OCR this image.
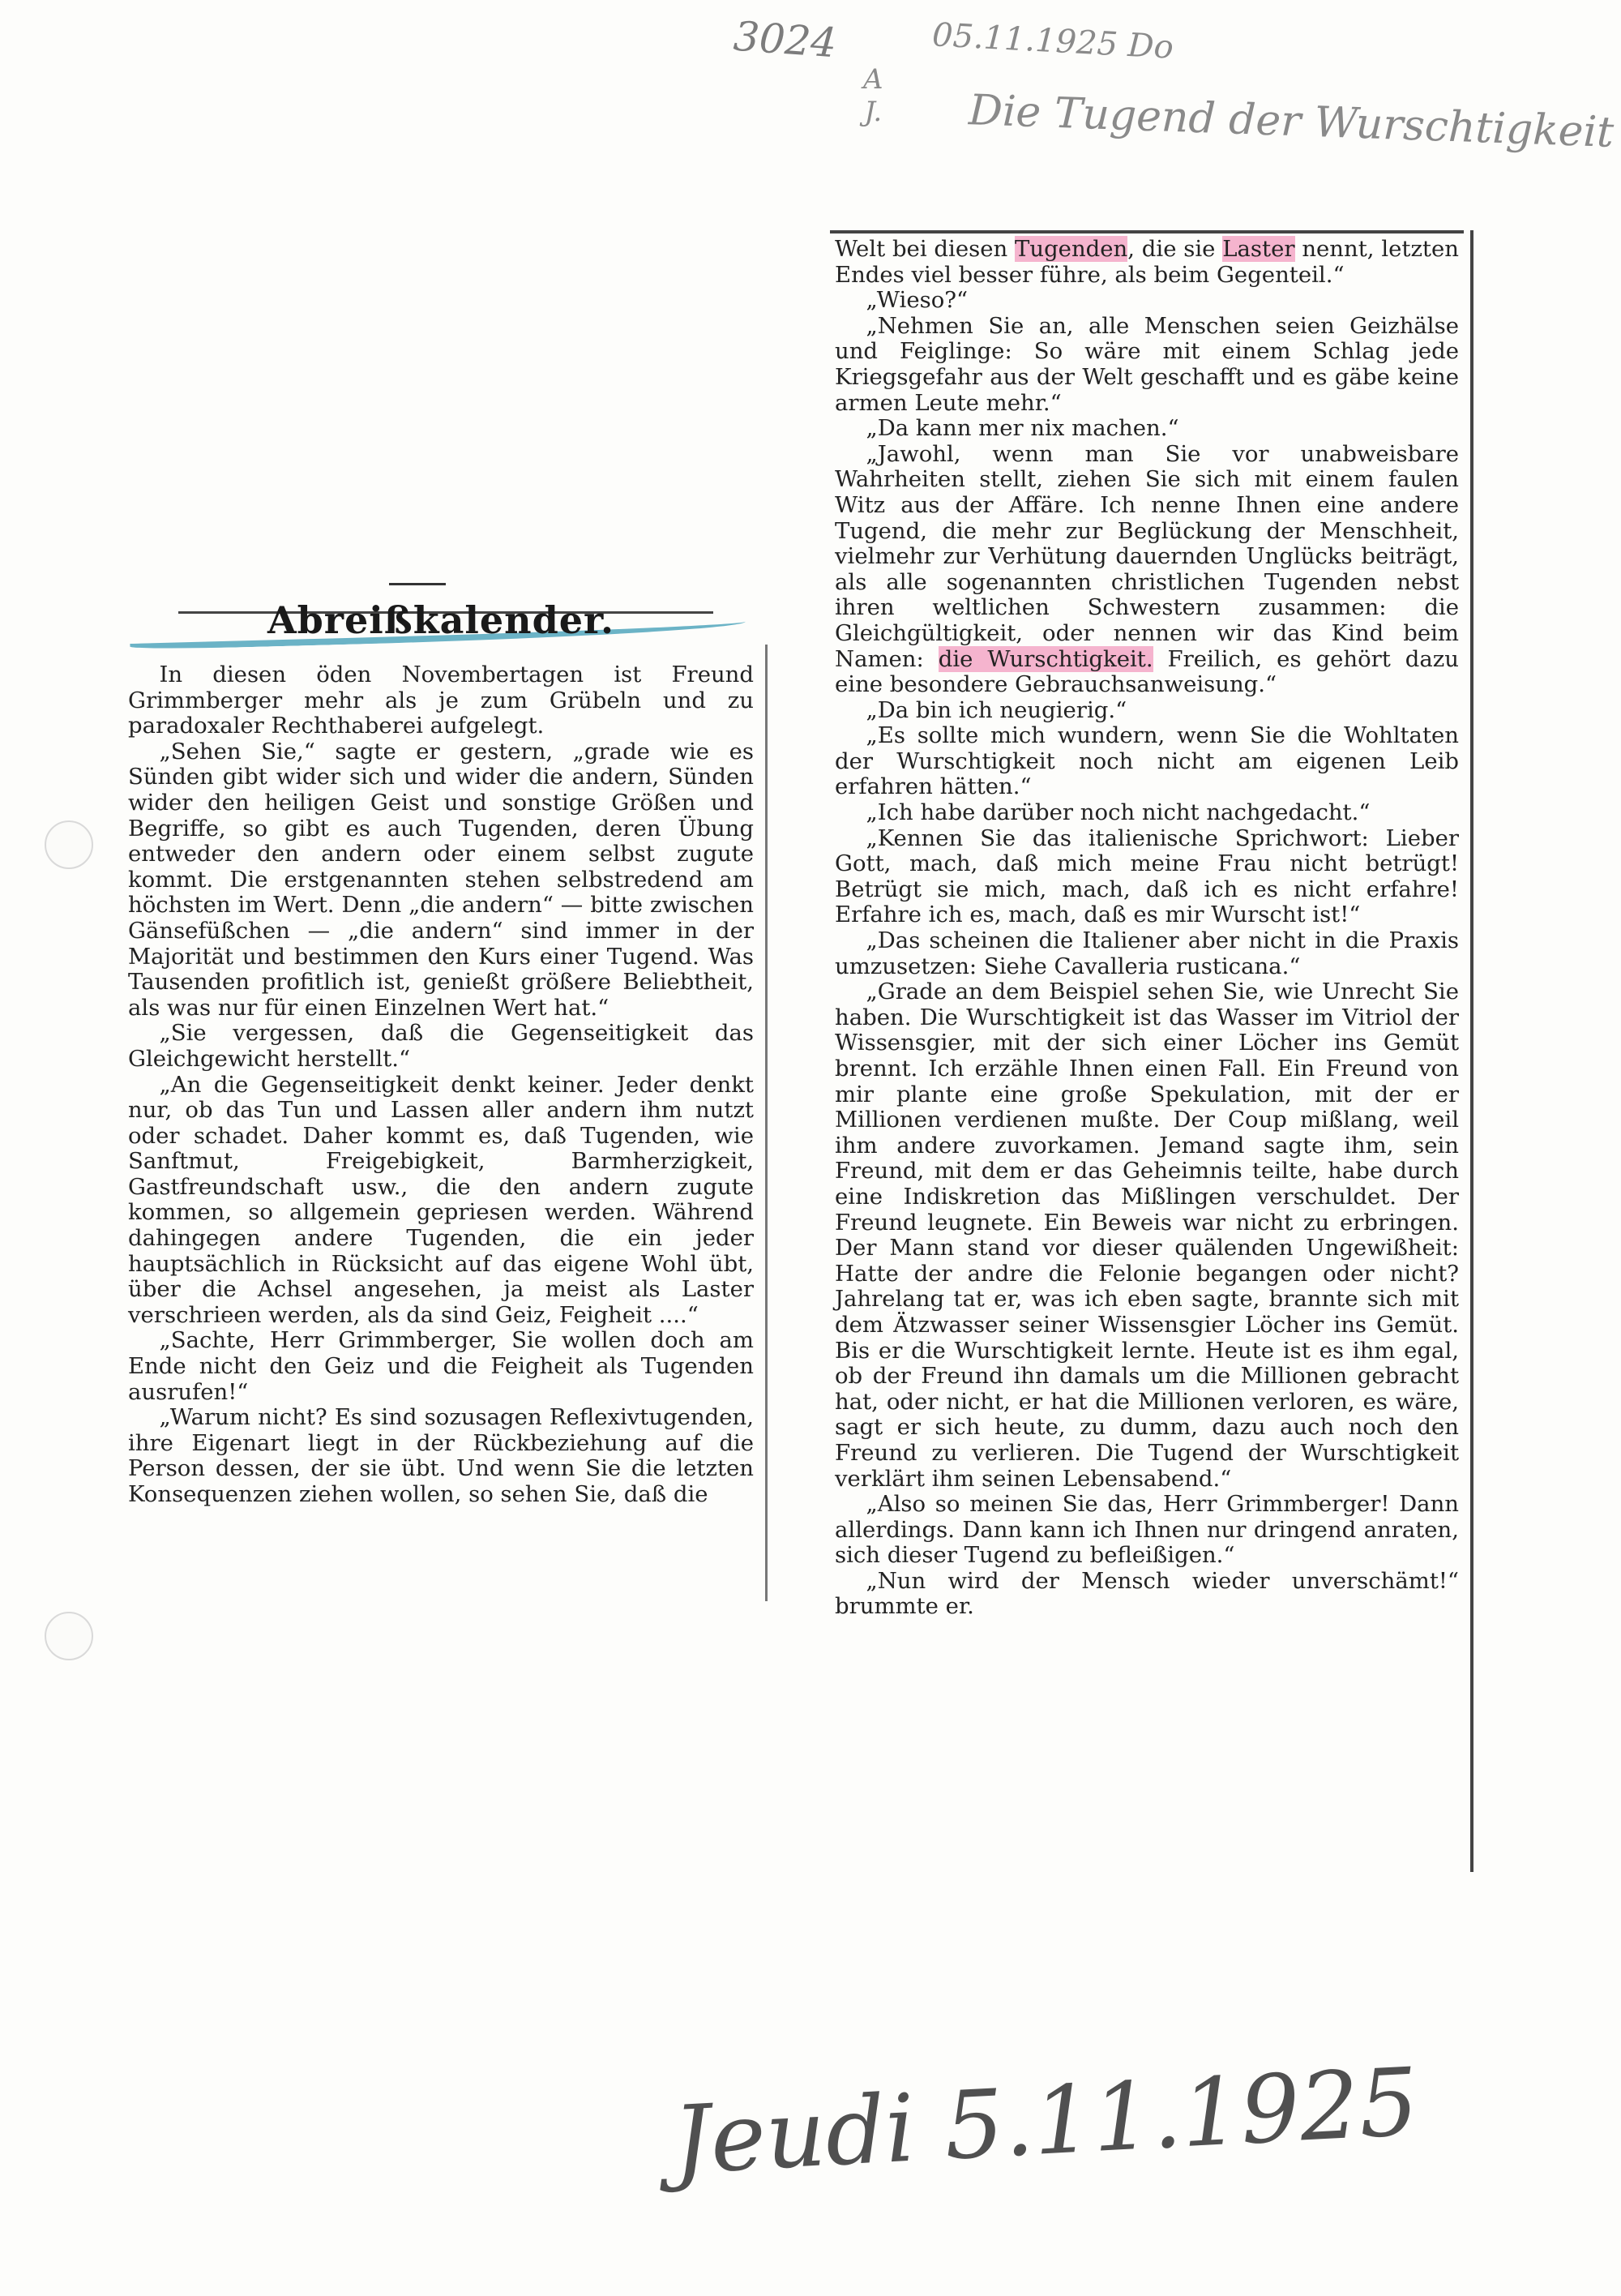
3024	05.11.1925 Do
A
J. Die Tugend der Wurschtigkeit
Abreißkalender.

In diesen öden Novembertagen ist Freund Grimmberger mehr als je zum Grübeln und zu paradoxaler Rechthaberei aufgelegt.

„Sehen Sie,“ sagte er gestern, „grade wie es Sünden gibt wider sich und wider die andern, Sünden wider den heiligen Geist und sonstige Größen und Begriffe, so gibt es auch Tugenden, deren Übung entweder den andern oder einem selbst zugute kommt. Die erstgenannten stehen selbstredend am höchsten im Wert. Denn „die andern“ — bitte zwischen Gänsefüßchen — „die andern“ sind immer in der Majorität und bestimmen den Kurs einer Tugend. Was Tausenden profitlich ist, genießt größere Beliebtheit, als was nur für einen Einzelnen Wert hat.“

„Sie vergessen, daß die Gegenseitigkeit das Gleichgewicht herstellt.“

„An die Gegenseitigkeit denkt keiner. Jeder denkt nur, ob das Tun und Lassen aller andern ihm nutzt oder schadet. Daher kommt es, daß Tugenden, wie Sanftmut, Freigebigkeit, Barmherzigkeit, Gastfreundschaft usw., die den andern zugute kommen, so allgemein gepriesen werden. Während dahingegen andere Tugenden, die ein jeder hauptsächlich in Rücksicht auf das eigene Wohl übt, über die Achsel angesehen, ja meist als Laster verschrieen werden, als da sind Geiz, Feigheit ....“

„Sachte, Herr Grimmberger, Sie wollen doch am Ende nicht den Geiz und die Feigheit als Tugenden ausrufen!“

„Warum nicht? Es sind sozusagen Reflexivtugenden, ihre Eigenart liegt in der Rückbeziehung auf die Person dessen, der sie übt. Und wenn Sie die letzten Konsequenzen ziehen wollen, so sehen Sie, daß die

Welt bei diesen Tugenden, die sie Laster nennt, letzten Endes viel besser führe, als beim Gegenteil.“

„Wieso?“

„Nehmen Sie an, alle Menschen seien Geizhälse und Feiglinge: So wäre mit einem Schlag jede Kriegsgefahr aus der Welt geschafft und es gäbe keine armen Leute mehr.“

„Da kann mer nix machen.“

„Jawohl, wenn man Sie vor unabweisbare Wahrheiten stellt, ziehen Sie sich mit einem faulen Witz aus der Affäre. Ich nenne Ihnen eine andere Tugend, die mehr zur Beglückung der Menschheit, vielmehr zur Verhütung dauernden Unglücks beiträgt, als alle sogenannten christlichen Tugenden nebst ihren weltlichen Schwestern zusammen: die Gleichgültigkeit, oder nennen wir das Kind beim Namen: die Wurschtigkeit. Freilich, es gehört dazu eine besondere Gebrauchsanweisung.“

„Da bin ich neugierig.“

„Es sollte mich wundern, wenn Sie die Wohltaten der Wurschtigkeit noch nicht am eigenen Leib erfahren hätten.“

„Ich habe darüber noch nicht nachgedacht.“

„Kennen Sie das italienische Sprichwort: Lieber Gott, mach, daß mich meine Frau nicht betrügt! Betrügt sie mich, mach, daß ich es nicht erfahre! Erfahre ich es, mach, daß es mir Wurscht ist!“

„Das scheinen die Italiener aber nicht in die Praxis umzusetzen: Siehe Cavalleria rusticana.“

„Grade an dem Beispiel sehen Sie, wie Unrecht Sie haben. Die Wurschtigkeit ist das Wasser im Vitriol der Wissensgier, mit der sich einer Löcher ins Gemüt brennt. Ich erzähle Ihnen einen Fall. Ein Freund von mir plante eine große Spekulation, mit der er Millionen verdienen mußte. Der Coup mißlang, weil ihm andere zuvorkamen. Jemand sagte ihm, sein Freund, mit dem er das Geheimnis teilte, habe durch eine Indiskretion das Mißlingen verschuldet. Der Freund leugnete. Ein Beweis war nicht zu erbringen. Der Mann stand vor dieser quälenden Ungewißheit: Hatte der andre die Felonie begangen oder nicht? Jahrelang tat er, was ich eben sagte, brannte sich mit dem Ätzwasser seiner Wissensgier Löcher ins Gemüt. Bis er die Wurschtigkeit lernte. Heute ist es ihm egal, ob der Freund ihn damals um die Millionen gebracht hat, oder nicht, er hat die Millionen verloren, es wäre, sagt er sich heute, zu dumm, dazu auch noch den Freund zu verlieren. Die Tugend der Wurschtigkeit verklärt ihm seinen Lebensabend.“

„Also so meinen Sie das, Herr Grimmberger! Dann allerdings. Dann kann ich Ihnen nur dringend anraten, sich dieser Tugend zu befleißigen.“

„Nun wird der Mensch wieder unverschämt!“ brummte er.

Jeudi 5.11.1925
